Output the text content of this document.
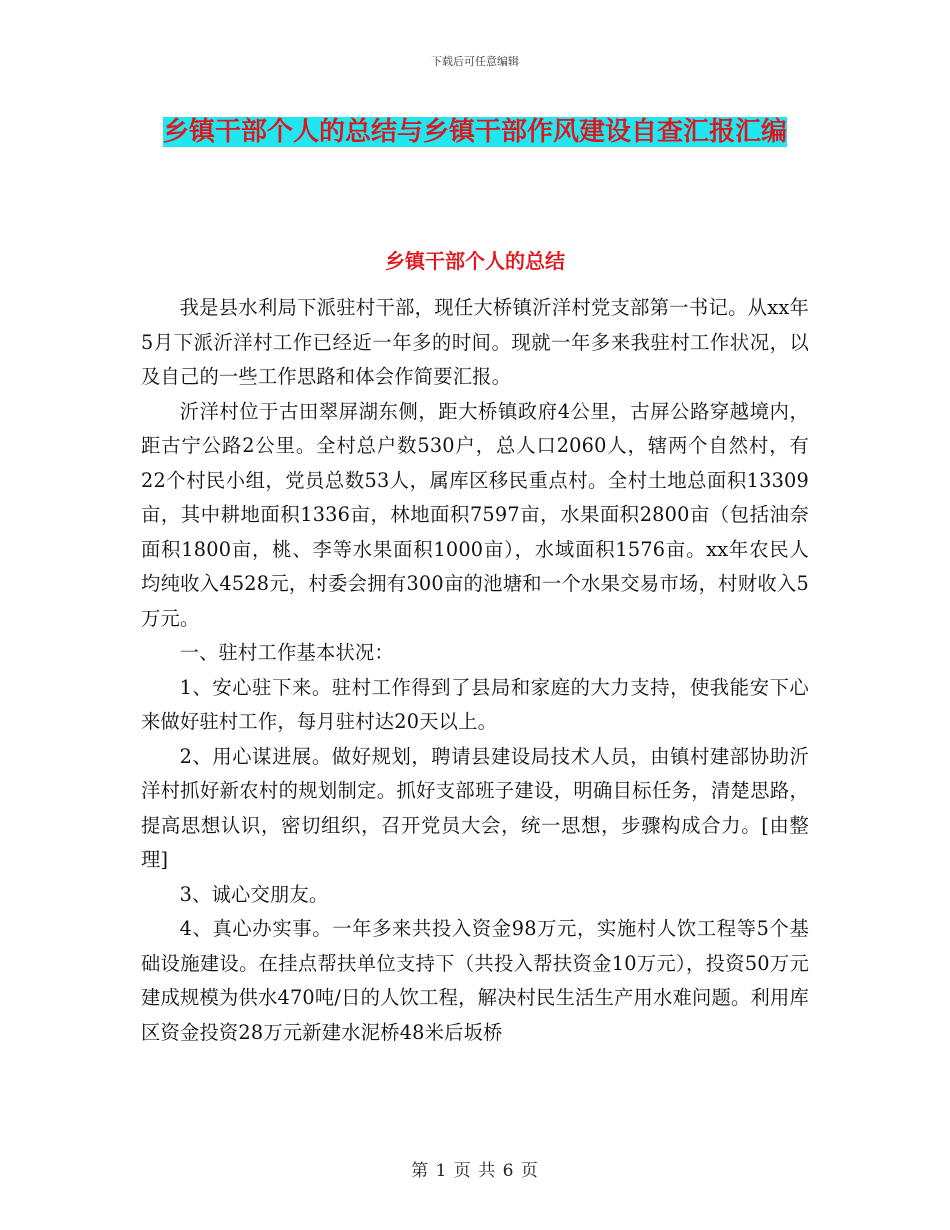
下载后可任意编辑
乡镇干部个人的总结与乡镇干部作风建设自查汇报汇编
乡镇干部个人的总结

我是县水利局下派驻村干部，现任大桥镇沂洋村党支部第一书记。从xx年5月下派沂洋村工作已经近一年多的时间。现就一年多来我驻村工作状况，以及自己的一些工作思路和体会作简要汇报。

沂洋村位于古田翠屏湖东侧，距大桥镇政府4公里，古屏公路穿越境内，距古宁公路2公里。全村总户数530户，总人口2060人，辖两个自然村，有22个村民小组，党员总数53人，属库区移民重点村。全村土地总面积13309亩，其中耕地面积1336亩，林地面积7597亩，水果面积2800亩（包括油奈面积1800亩，桃、李等水果面积1000亩），水域面积1576亩。xx年农民人均纯收入4528元，村委会拥有300亩的池塘和一个水果交易市场，村财收入5万元。

一、驻村工作基本状况：

1、安心驻下来。驻村工作得到了县局和家庭的大力支持，使我能安下心来做好驻村工作，每月驻村达20天以上。

2、用心谋进展。做好规划，聘请县建设局技术人员，由镇村建部协助沂洋村抓好新农村的规划制定。抓好支部班子建设，明确目标任务，清楚思路，提高思想认识，密切组织，召开党员大会，统一思想，步骤构成合力。[由整理]

3、诚心交朋友。

4、真心办实事。一年多来共投入资金98万元，实施村人饮工程等5个基础设施建设。在挂点帮扶单位支持下（共投入帮扶资金10万元），投资50万元建成规模为供水470吨/日的人饮工程，解决村民生活生产用水难问题。利用库区资金投资28万元新建水泥桥48米后坂桥

第 1 页 共 6 页
